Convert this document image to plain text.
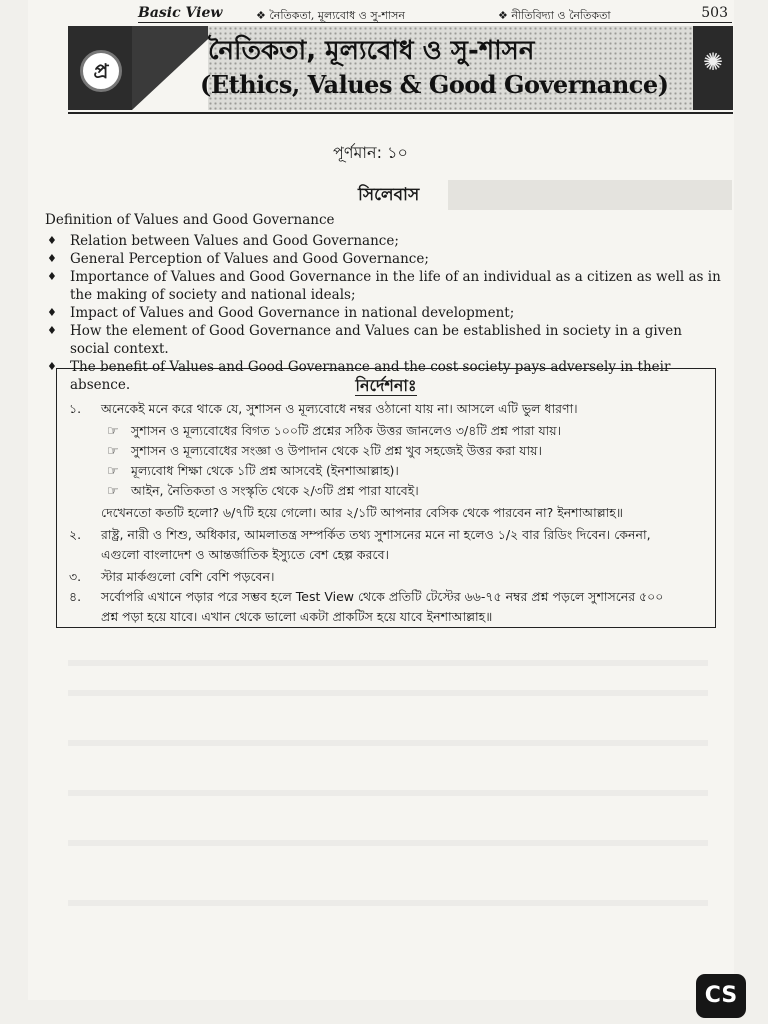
Basic View	❖ নৈতিকতা, মূল্যবোধ ও সু-শাসন	❖ নীতিবিদ্যা ও নৈতিকতা	503
প্র
নৈতিকতা, মূল্যবোধ ও সু-শাসন
(Ethics, Values & Good Governance)
✺
পূর্ণমান: ১০
সিলেবাস
Definition of Values and Good Governance
♦ Relation between Values and Good Governance;
♦ General Perception of Values and Good Governance;
♦ Importance of Values and Good Governance in the life of an individual as a citizen as well as in the making of society and national ideals;
♦ Impact of Values and Good Governance in national development;
♦ How the element of Good Governance and Values can be established in society in a given social context.
♦ The benefit of Values and Good Governance and the cost society pays adversely in their absence.	নির্দেশনাঃ
১.	অনেকেই মনে করে থাকে যে, সুশাসন ও মূল্যবোধে নম্বর ওঠানো যায় না। আসলে এটি ভুল ধারণা।
☞ সুশাসন ও মূল্যবোধের বিগত ১০০টি প্রশ্নের সঠিক উত্তর জানলেও ৩/৪টি প্রশ্ন পারা যায়।
☞ সুশাসন ও মূল্যবোধের সংজ্ঞা ও উপাদান থেকে ২টি প্রশ্ন খুব সহজেই উত্তর করা যায়।
☞ মূল্যবোধ শিক্ষা থেকে ১টি প্রশ্ন আসবেই (ইনশাআল্লাহ)।
☞ আইন, নৈতিকতা ও সংস্কৃতি থেকে ২/৩টি প্রশ্ন পারা যাবেই।
দেখেনতো কতটি হলো? ৬/৭টি হয়ে গেলো। আর ২/১টি আপনার বেসিক থেকে পারবেন না? ইনশাআল্লাহ॥
২.	রাষ্ট্র, নারী ও শিশু, অধিকার, আমলাতন্ত্র সম্পর্কিত তথ্য সুশাসনের মনে না হলেও ১/২ বার রিডিং দিবেন। কেননা,
এগুলো বাংলাদেশ ও আন্তর্জাতিক ইস্যুতে বেশ হেল্প করবে।
৩.	স্টার মার্কগুলো বেশি বেশি পড়বেন।
৪.	সর্বোপরি এখানে পড়ার পরে সম্ভব হলে Test View থেকে প্রতিটি টেস্টের ৬৬-৭৫ নম্বর প্রশ্ন পড়লে সুশাসনের ৫০০
প্রশ্ন পড়া হয়ে যাবে। এখান থেকে ভালো একটা প্রাকটিস হয়ে যাবে ইনশাআল্লাহ॥
CS
